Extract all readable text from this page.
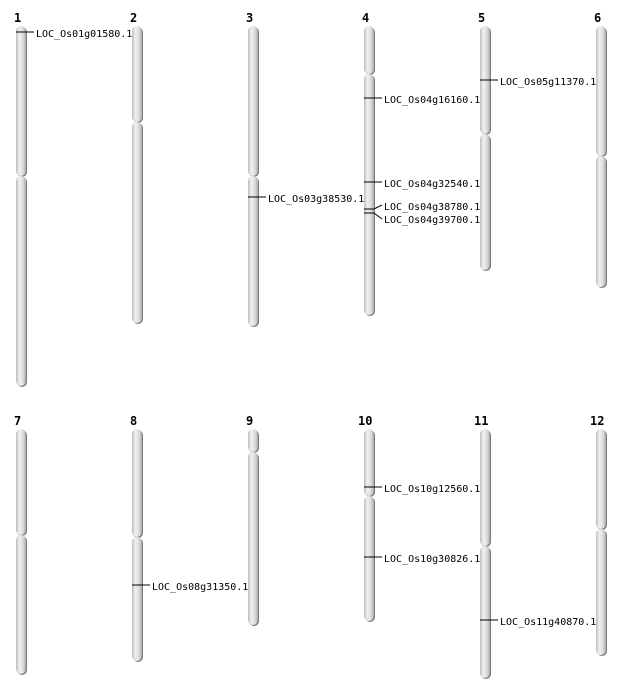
1	2	3	4	5	6
7	8	9	10	11	12
LOC_Os01g01580.1
LOC_Os03g38530.1
LOC_Os04g16160.1
LOC_Os04g32540.1
LOC_Os04g38780.1
LOC_Os04g39700.1
LOC_Os05g11370.1
LOC_Os08g31350.1
LOC_Os10g12560.1
LOC_Os10g30826.1
LOC_Os11g40870.1
